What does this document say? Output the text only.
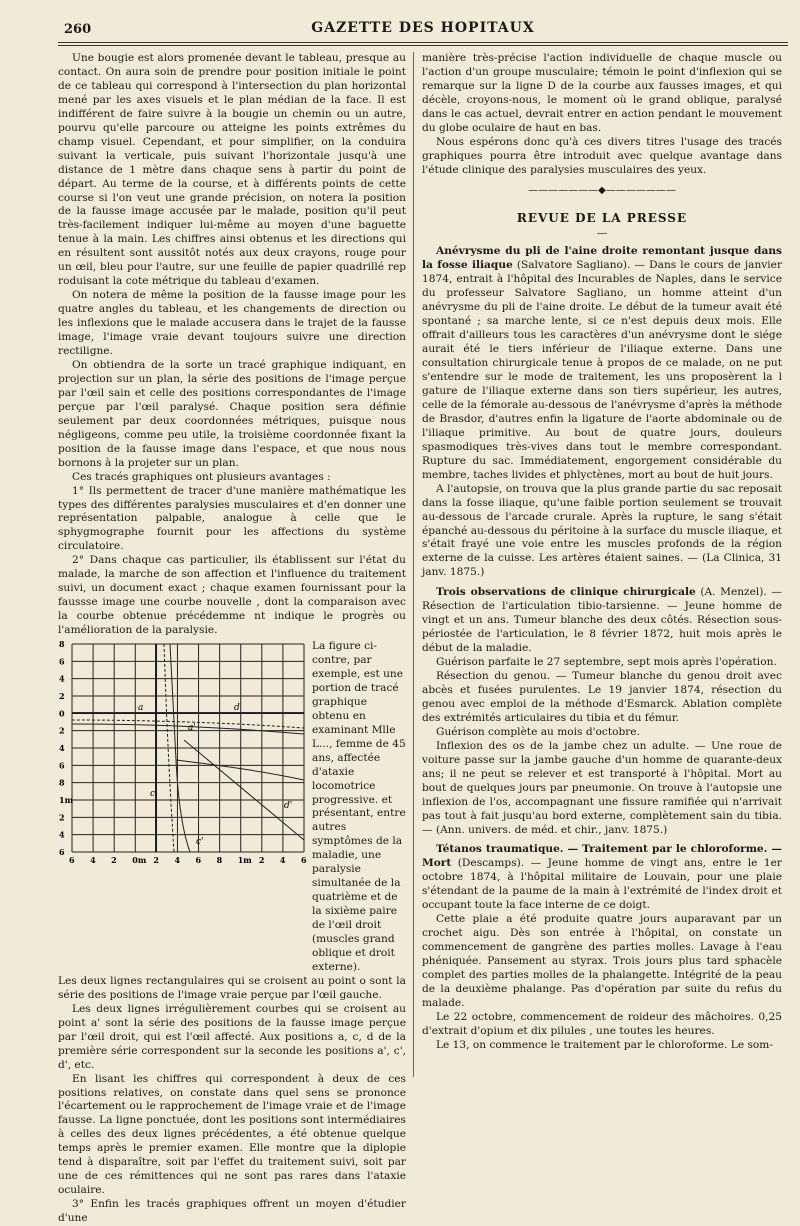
260	GAZETTE DES HOPITAUX

Une bougie est alors promenée devant le tableau, presque au contact. On aura soin de prendre pour position initiale le point de ce tableau qui correspond à l'intersection du plan horizontal mené par les axes visuels et le plan médian de la face. Il est indifférent de faire suivre à la bougie un chemin ou un autre, pourvu qu'elle parcoure ou atteigne les points extrêmes du champ visuel. Cependant, et pour simplifier, on la conduira suivant la verticale, puis suivant l'horizontale jusqu'à une distance de 1 mètre dans chaque sens à partir du point de départ. Au terme de la course, et à différents points de cette course si l'on veut une grande précision, on notera la position de la fausse image accusée par le malade, position qu'il peut très-facilement indiquer lui-même au moyen d'une baguette tenue à la main. Les chiffres ainsi obtenus et les directions qui en résultent sont aussitôt notés aux deux crayons, rouge pour un œil, bleu pour l'autre, sur une feuille de papier quadrillé rep roduisant la cote métrique du tableau d'examen.

On notera de même la position de la fausse image pour les quatre angles du tableau, et les changements de direction ou les inflexions que le malade accusera dans le trajet de la fausse image, l'image vraie devant toujours suivre une direction rectiligne.

On obtiendra de la sorte un tracé graphique indiquant, en projection sur un plan, la série des positions de l'image perçue par l'œil sain et celle des positions correspondantes de l'image perçue par l'œil paralysé. Chaque position sera définie seulement par deux coordonnées métriques, puisque nous négligeons, comme peu utile, la troisième coordonnée fixant la position de la fausse image dans l'espace, et que nous nous bornons à la projeter sur un plan.

Ces tracés graphiques ont plusieurs avantages :

1° Ils permettent de tracer d'une manière mathématique les types des différentes paralysies musculaires et d'en donner une représentation palpable, analogue à celle que le sphygmographe fournit pour les affections du système circulatoire.

2° Dans chaque cas particulier, ils établissent sur l'état du malade, la marche de son affection et l'influence du traitement suivi, un document exact ; chaque examen fournissant pour la faussse image une courbe nouvelle , dont la comparaison avec la courbe obtenue précédemme nt indique le progrès ou l'amélioration de la paralysie.

8
6
4
2
0
2
4
6
8
1m
2
4
6
6 4 2 0m 2 4 6 8 1m 2 4 6
a
a'
c
c'
d
d'

La figure ci-contre, par exemple, est une portion de tracé graphique obtenu en examinant Mlle L..., femme de 45 ans, affectée d'ataxie locomotrice progressive. et présentant, entre autres symptômes de la maladie, une paralysie simultanée de la quatrième et de la sixième paire de l'œil droit (muscles grand oblique et droit externe).

Les deux lignes rectangulaires qui se croisent au point o sont la série des positions de l'image vraie perçue par l'œil gauche.

Les deux lignes irrégulièrement courbes qui se croisent au point a' sont la série des positions de la fausse image perçue par l'œil droit, qui est l'œil affecté. Aux positions a, c, d de la première série correspondent sur la seconde les positions a', c', d', etc.

En lisant les chiffres qui correspondent à deux de ces positions relatives, on constate dans quel sens se prononce l'écartement ou le rapprochement de l'image vraie et de l'image fausse. La ligne ponctuée, dont les positions sont intermédiaires à celles des deux lignes précédentes, a été obtenue quelque temps après le premier examen. Elle montre que la diplopie tend à disparaître, soit par l'effet du traitement suivi, soit par une de ces rémittences qui ne sont pas rares dans l'ataxie oculaire.

3° Enfin les tracés graphiques offrent un moyen d'étudier d'une

manière très-précise l'action individuelle de chaque muscle ou l'action d'un groupe musculaire; témoin le point d'inflexion qui se remarque sur la ligne D de la courbe aux fausses images, et qui décèle, croyons-nous, le moment où le grand oblique, paralysé dans le cas actuel, devrait entrer en action pendant le mouvement du globe oculaire de haut en bas.

Nous espérons donc qu'à ces divers titres l'usage des tracés graphiques pourra être introduit avec quelque avantage dans l'étude clinique des paralysies musculaires des yeux.

———————◆———————
REVUE DE LA PRESSE
—

Anévrysme du pli de l'aine droite remontant jusque dans la fosse iliaque (Salvatore Sagliano). — Dans le cours de janvier 1874, entrait à l'hôpital des Incurables de Naples, dans le service du professeur Salvatore Sagliano, un homme atteint d'un anévrysme du pli de l'aine droite. Le début de la tumeur avait été spontané ; sa marche lente, si ce n'est depuis deux mois. Elle offrait d'ailleurs tous les caractères d'un anévrysme dont le siége aurait été le tiers inférieur de l'iliaque externe. Dans une consultation chirurgicale tenue à propos de ce malade, on ne put s'entendre sur le mode de traitement, les uns proposèrent la l gature de l'iliaque externe dans son tiers supérieur, les autres, celle de la fémorale au-dessous de l'anévrysme d'après la méthode de Brasdor, d'autres enfin la ligature de l'aorte abdominale ou de l'iliaque primitive. Au bout de quatre jours, douleurs spasmodiques très-vives dans tout le membre correspondant. Rupture du sac. Immédiatement, engorgement considérable du membre, taches livides et phlyctènes, mort au bout de huit jours.

A l'autopsie, on trouva que la plus grande partie du sac reposait dans la fosse iliaque, qu'une faible portion seulement se trouvait au-dessous de l'arcade crurale. Après la rupture, le sang s'était épanché au-dessous du péritoine à la surface du muscle iliaque, et s'était frayé une voie entre les muscles profonds de la région externe de la cuisse. Les artères étaient saines. — (La Clinica, 31 janv. 1875.)

Trois observations de clinique chirurgicale (A. Menzel). — Résection de l'articulation tibio-tarsienne. — Jeune homme de vingt et un ans. Tumeur blanche des deux côtés. Résection sous-périostée de l'articulation, le 8 février 1872, huit mois après le début de la maladie.

Guérison parfaite le 27 septembre, sept mois après l'opération.

Résection du genou. — Tumeur blanche du genou droit avec abcès et fusées purulentes. Le 19 janvier 1874, résection du genou avec emploi de la méthode d'Esmarck. Ablation complète des extrémités articulaires du tibia et du fémur.

Guérison complète au mois d'octobre.

Inflexion des os de la jambe chez un adulte. — Une roue de voiture passe sur la jambe gauche d'un homme de quarante-deux ans; il ne peut se relever et est transporté à l'hôpital. Mort au bout de quelques jours par pneumonie. On trouve à l'autopsie une inflexion de l'os, accompagnant une fissure ramifiée qui n'arrivait pas tout à fait jusqu'au bord externe, complètement sain du tibia.— (Ann. univers. de méd. et chir., janv. 1875.)

Tétanos traumatique. — Traitement par le chloroforme. — Mort (Descamps). — Jeune homme de vingt ans, entre le 1er octobre 1874, à l'hôpital militaire de Louvain, pour une plaie s'étendant de la paume de la main à l'extrémité de l'index droit et occupant toute la face interne de ce doigt.

Cette plaie a été produite quatre jours auparavant par un crochet aigu. Dès son entrée à l'hôpital, on constate un commencement de gangrène des parties molles. Lavage à l'eau phéniquée. Pansement au styrax. Trois jours plus tard sphacèle complet des parties molles de la phalangette. Intégrité de la peau de la deuxième phalange. Pas d'opération par suite du refus du malade.

Le 22 octobre, commencement de roideur des mâchoires. 0,25 d'extrait d'opium et dix pilules , une toutes les heures.

Le 13, on commence le traitement par le chloroforme. Le som-
